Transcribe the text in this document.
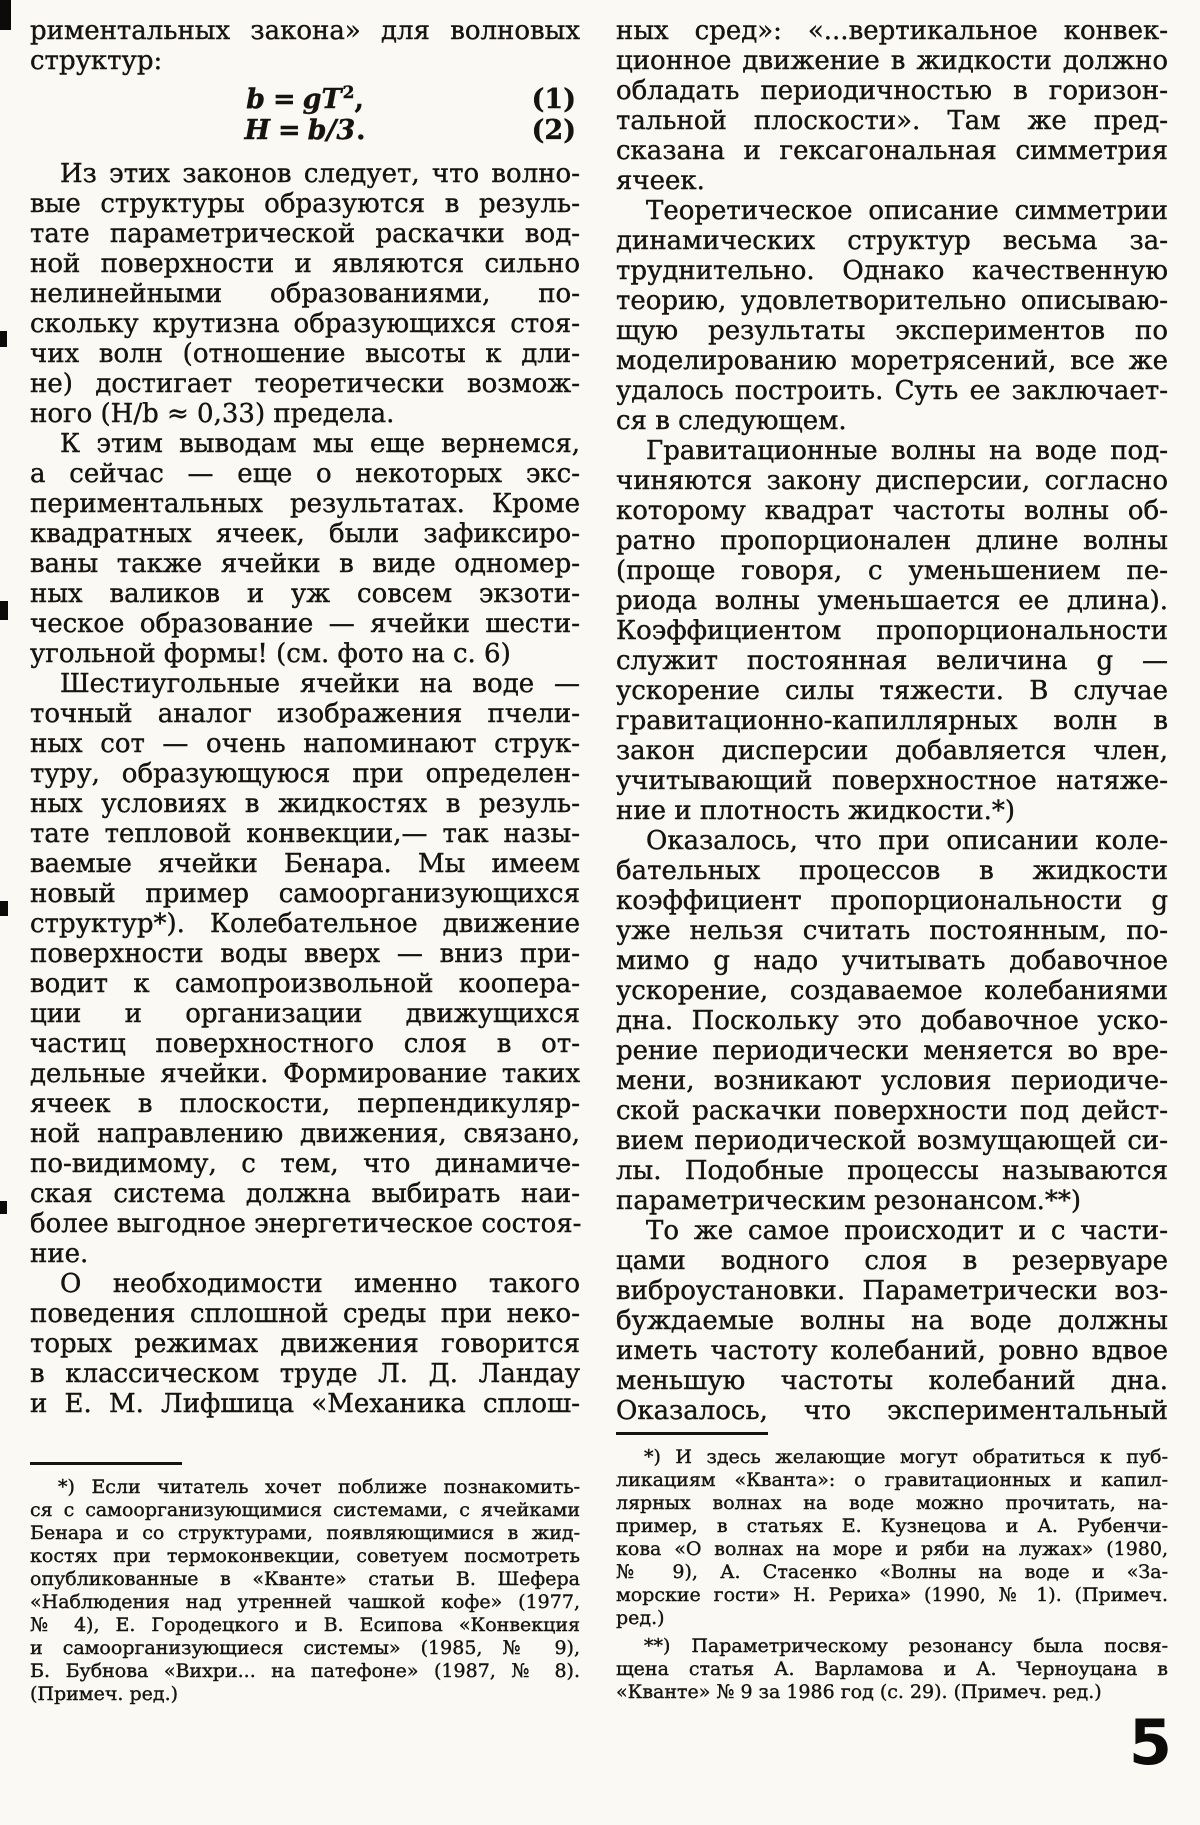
риментальных закона» для волновых
структур:
$b = gT^2$,	(1)
H = b/3.	(2)
Из этих законов следует, что волно-
вые структуры образуются в резуль-
тате параметрической раскачки вод-
ной поверхности и являются сильно
нелинейными образованиями, по-
скольку крутизна образующихся стоя-
чих волн (отношение высоты к дли-
не) достигает теоретически возмож-
ного (H/b ≈ 0,33) предела.
К этим выводам мы еще вернемся,
а сейчас — еще о некоторых экс-
периментальных результатах. Кроме
квадратных ячеек, были зафиксиро-
ваны также ячейки в виде одномер-
ных валиков и уж совсем экзоти-
ческое образование — ячейки шести-
угольной формы! (см. фото на с. 6)
Шестиугольные ячейки на воде —
точный аналог изображения пчели-
ных сот — очень напоминают струк-
туру, образующуюся при определен-
ных условиях в жидкостях в резуль-
тате тепловой конвекции,— так назы-
ваемые ячейки Бенара. Мы имеем
новый пример самоорганизующихся
структур*). Колебательное движение
поверхности воды вверх — вниз при-
водит к самопроизвольной коопера-
ции и организации движущихся
частиц поверхностного слоя в от-
дельные ячейки. Формирование таких
ячеек в плоскости, перпендикуляр-
ной направлению движения, связано,
по-видимому, с тем, что динамиче-
ская система должна выбирать наи-
более выгодное энергетическое состоя-
ние.
О необходимости именно такого
поведения сплошной среды при неко-
торых режимах движения говорится
в классическом труде Л. Д. Ландау
и Е. М. Лифшица «Механика сплош-
ных сред»: «...вертикальное конвек-
ционное движение в жидкости должно
обладать периодичностью в горизон-
тальной плоскости». Там же пред-
сказана и гексагональная симметрия
ячеек.
Теоретическое описание симметрии
динамических структур весьма за-
труднительно. Однако качественную
теорию, удовлетворительно описываю-
щую результаты экспериментов по
моделированию моретрясений, все же
удалось построить. Суть ее заключает-
ся в следующем.
Гравитационные волны на воде под-
чиняются закону дисперсии, согласно
которому квадрат частоты волны об-
ратно пропорционален длине волны
(проще говоря, с уменьшением пе-
риода волны уменьшается ее длина).
Коэффициентом пропорциональности
служит постоянная величина g —
ускорение силы тяжести. В случае
гравитационно-капиллярных волн в
закон дисперсии добавляется член,
учитывающий поверхностное натяже-
ние и плотность жидкости.*)
Оказалось, что при описании коле-
бательных процессов в жидкости
коэффициент пропорциональности g
уже нельзя считать постоянным, по-
мимо g надо учитывать добавочное
ускорение, создаваемое колебаниями
дна. Поскольку это добавочное уско-
рение периодически меняется во вре-
мени, возникают условия периодиче-
ской раскачки поверхности под дейст-
вием периодической возмущающей си-
лы. Подобные процессы называются
параметрическим резонансом.**)
То же самое происходит и с части-
цами водного слоя в резервуаре
виброустановки. Параметрически воз-
буждаемые волны на воде должны
иметь частоту колебаний, ровно вдвое
меньшую частоты колебаний дна.
Оказалось, что экспериментальный
*) Если читатель хочет поближе познакомить-
ся с самоорганизующимися системами, с ячейками
Бенара и со структурами, появляющимися в жид-
костях при термоконвекции, советуем посмотреть
опубликованные в «Кванте» статьи В. Шефера
«Наблюдения над утренней чашкой кофе» (1977,
№ 4), Е. Городецкого и В. Есипова «Конвекция
и самоорганизующиеся системы» (1985, № 9),
Б. Бубнова «Вихри... на патефоне» (1987, № 8).
(Примеч. ред.)
*) И здесь желающие могут обратиться к пуб-
ликациям «Кванта»: о гравитационных и капил-
лярных волнах на воде можно прочитать, на-
пример, в статьях Е. Кузнецова и А. Рубенчи-
кова «О волнах на море и ряби на лужах» (1980,
№ 9), А. Стасенко «Волны на воде и «За-
морские гости» Н. Рериха» (1990, № 1). (Примеч.
ред.)
**) Параметрическому резонансу была посвя-
щена статья А. Варламова и А. Черноуцана в
«Кванте» № 9 за 1986 год (с. 29). (Примеч. ред.)
5
